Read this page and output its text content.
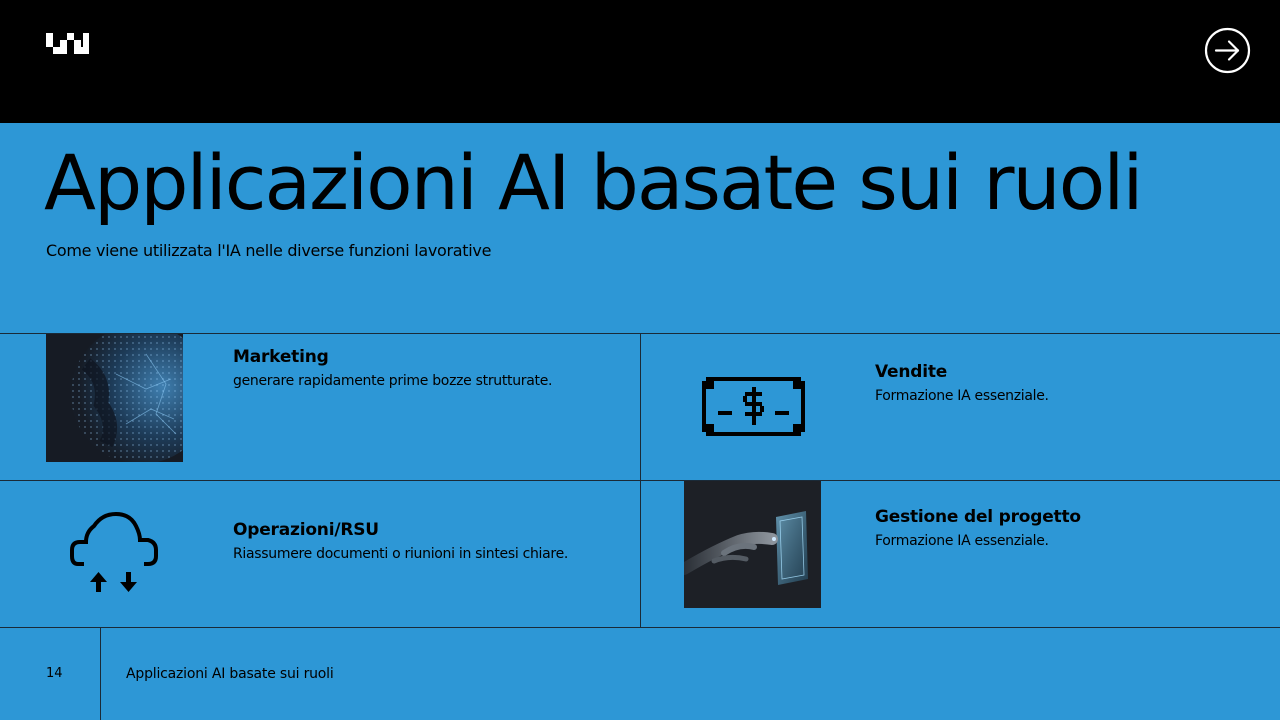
Applicazioni AI basate sui ruoli

Come viene utilizzata l'IA nelle diverse funzioni lavorative

Marketing
generare rapidamente prime bozze strutturate.	Vendite
Formazione IA essenziale.
Operazioni/RSU
Riassumere documenti o riunioni in sintesi chiare.
Gestione del progetto
Formazione IA essenziale.
14	Applicazioni AI basate sui ruoli
